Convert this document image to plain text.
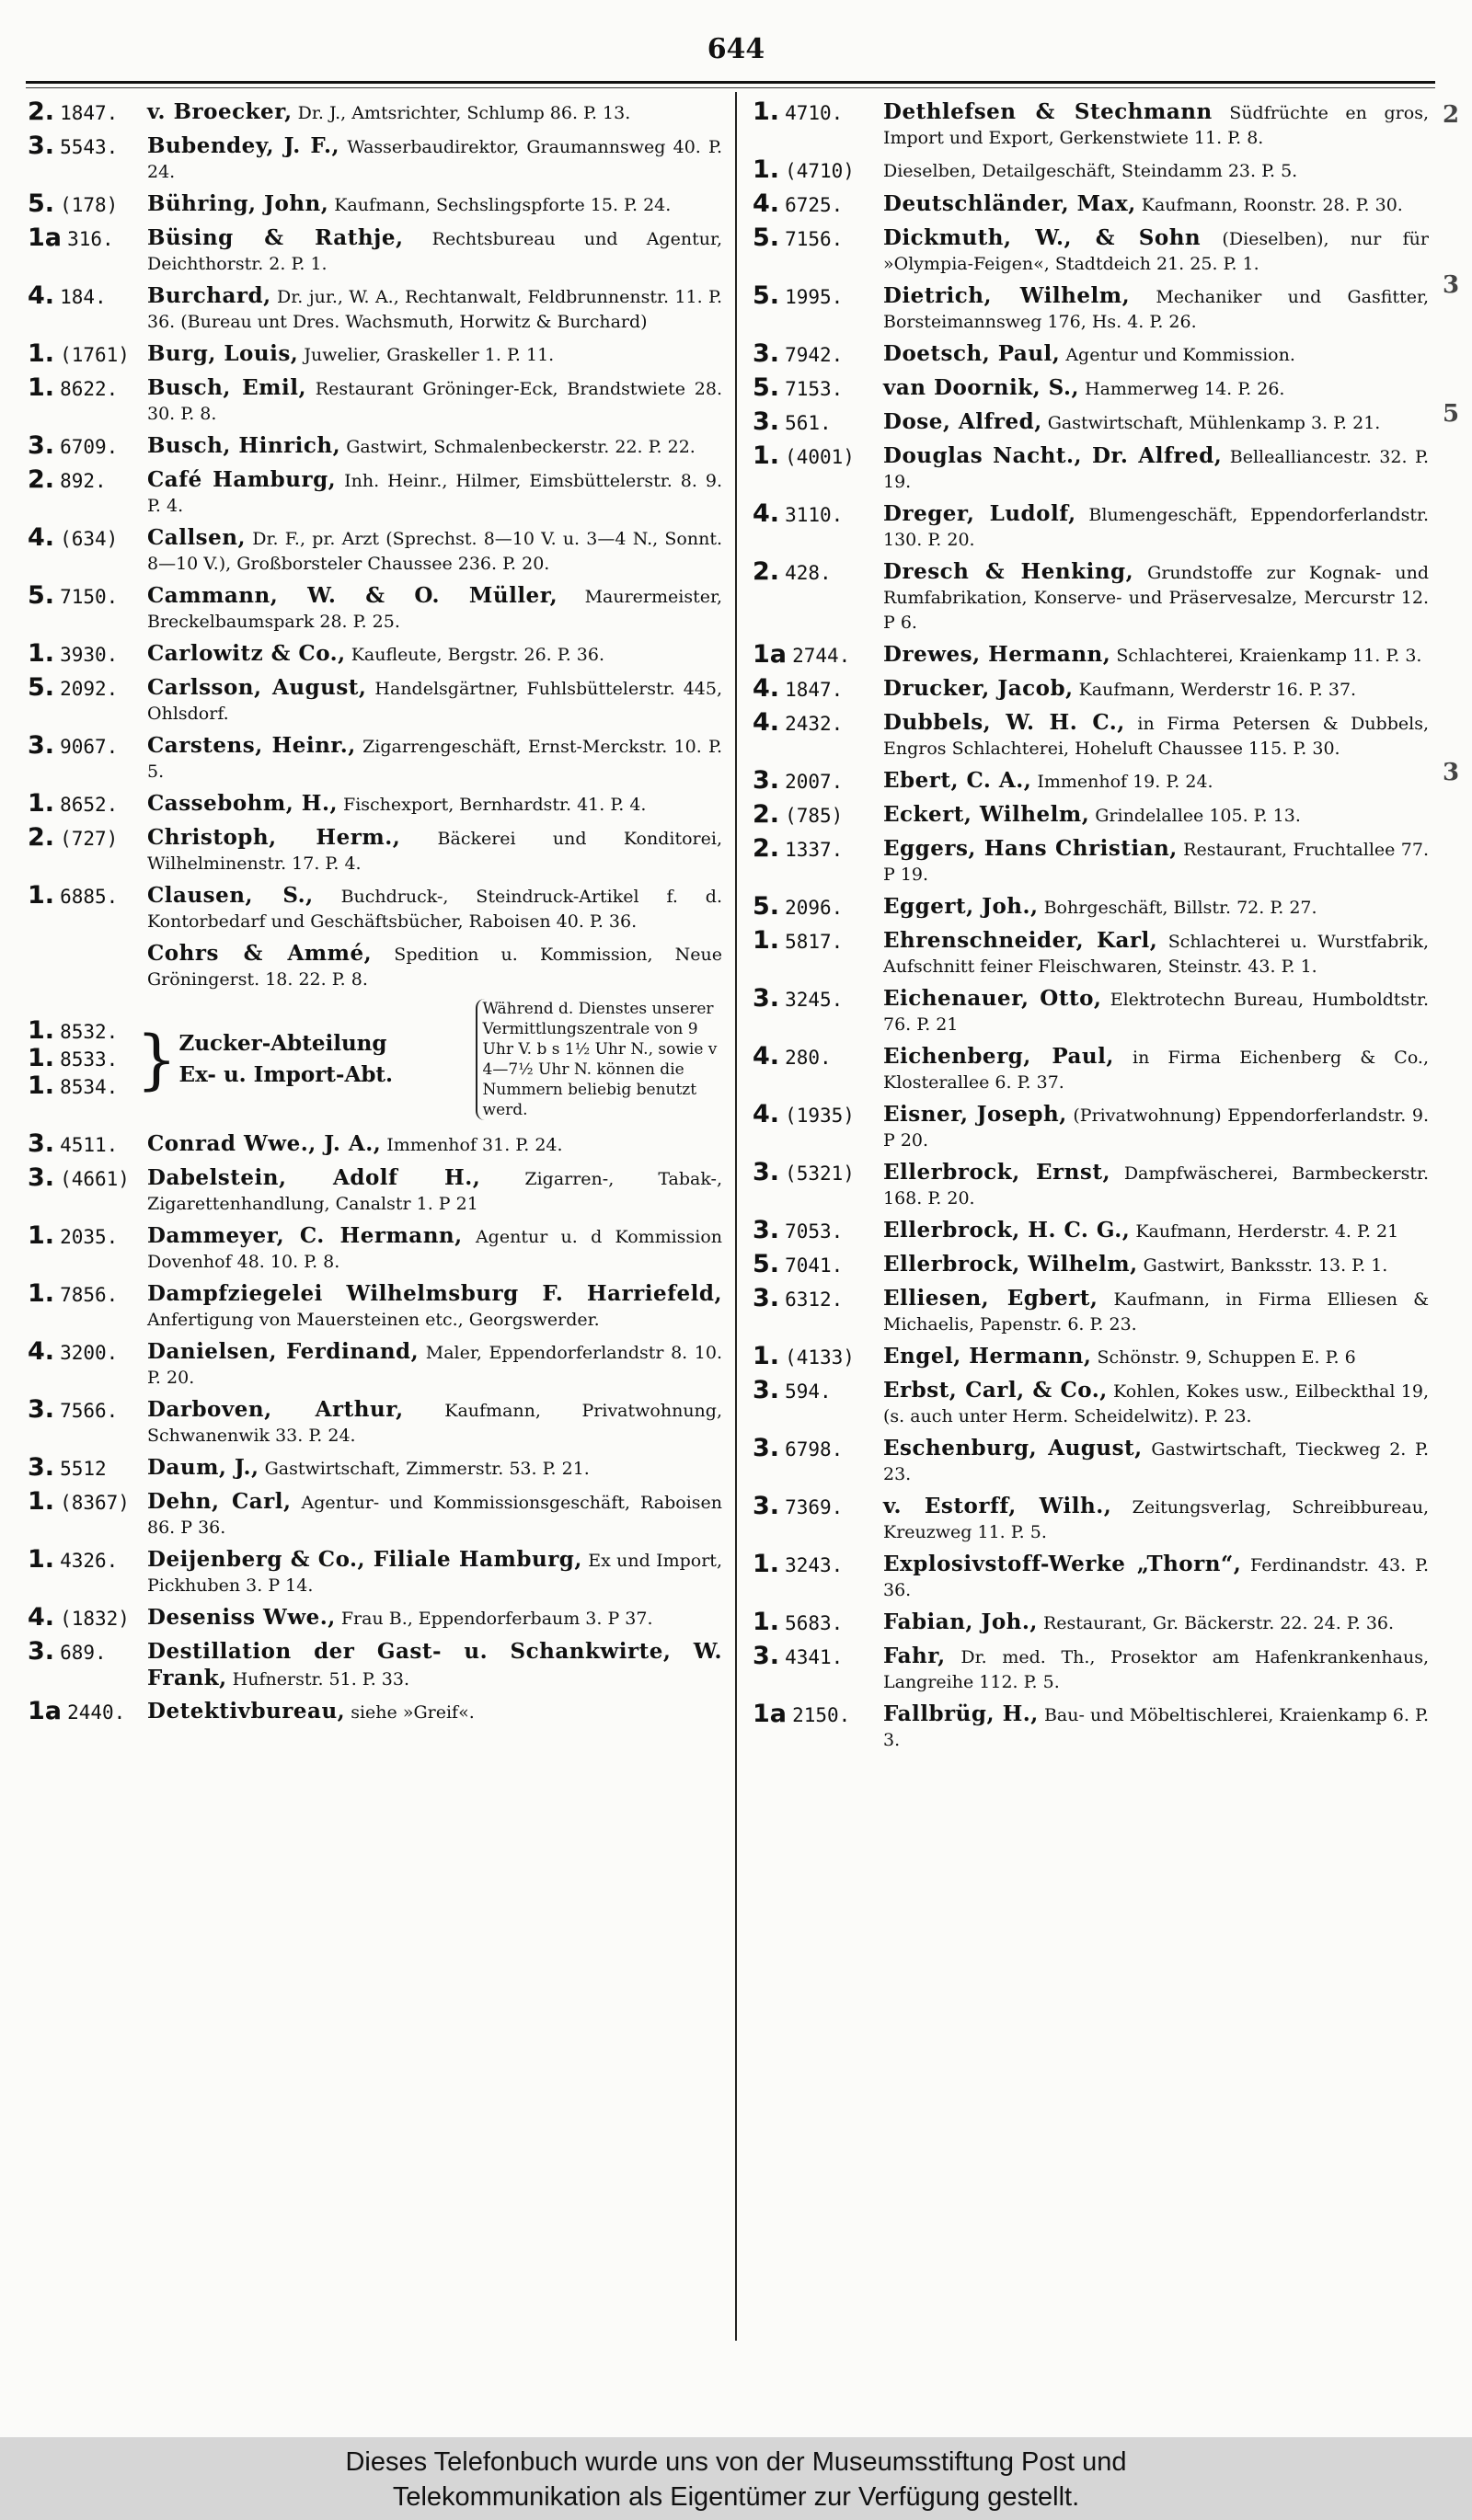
644
2
3
5
3
2. 1847.	v. Broecker, Dr. J., Amtsrichter, Schlump 86. P. 13.
3. 5543.	Bubendey, J. F., Wasserbaudirektor, Graumannsweg 40. P. 24.
5. (178)	Bühring, John, Kaufmann, Sechslingspforte 15. P. 24.
1a 316.	Büsing & Rathje, Rechtsbureau und Agentur, Deichthorstr. 2. P. 1.
4. 184.	Burchard, Dr. jur., W. A., Rechtanwalt, Feldbrunnenstr. 11. P. 36. (Bureau unt Dres. Wachsmuth, Horwitz & Burchard)
1. (1761) Burg, Louis, Juwelier, Graskeller 1. P. 11.
1. 8622.	Busch, Emil, Restaurant Gröninger-Eck, Brandstwiete 28. 30. P. 8.
3. 6709.	Busch, Hinrich, Gastwirt, Schmalenbeckerstr. 22. P. 22.
2. 892.	Café Hamburg, Inh. Heinr., Hilmer, Eimsbüttelerstr. 8. 9. P. 4.
4. (634)	Callsen, Dr. F., pr. Arzt (Sprechst. 8—10 V. u. 3—4 N., Sonnt. 8—10 V.), Großborsteler Chaussee 236. P. 20.
5. 7150.	Cammann, W. & O. Müller, Maurermeister, Breckelbaumspark 28. P. 25.
1. 3930.	Carlowitz & Co., Kaufleute, Bergstr. 26. P. 36.
5. 2092.	Carlsson, August, Handelsgärtner, Fuhlsbüttelerstr. 445, Ohlsdorf.
3. 9067.	Carstens, Heinr., Zigarrengeschäft, Ernst-Merckstr. 10. P. 5.
1. 8652.	Cassebohm, H., Fischexport, Bernhardstr. 41. P. 4.
2. (727)	Christoph, Herm., Bäckerei und Konditorei, Wilhelminenstr. 17. P. 4.
1. 6885.	Clausen, S., Buchdruck-, Steindruck-Artikel f. d. Kontorbedarf und Geschäftsbücher, Raboisen 40. P. 36.
Cohrs & Ammé, Spedition u. Kommission, Neue Gröningerst. 18. 22. P. 8.
1. 8532.
1. 8533.
1. 8534. } Zucker-Abteilung
Ex- u. Import-Abt.
Während d. Dienstes unserer Vermittlungszentrale von 9 Uhr V. b s 1½ Uhr N., sowie v 4—7½ Uhr N. können die Nummern beliebig benutzt werd.
3. 4511.	Conrad Wwe., J. A., Immenhof 31. P. 24.
3. (4661) Dabelstein, Adolf H.,	Zigarren-, Tabak-, Zigarettenhandlung, Canalstr 1. P 21
1. 2035.	Dammeyer, C. Hermann, Agentur u. d Kommission Dovenhof 48. 10. P. 8.
1. 7856.	Dampfziegelei Wilhelmsburg F. Harriefeld, Anfertigung von Mauersteinen etc., Georgswerder.
4. 3200.	Danielsen, Ferdinand, Maler, Eppendorferlandstr 8. 10. P. 20.
3. 7566.	Darboven, Arthur, Kaufmann, Privatwohnung, Schwanenwik 33. P. 24.
3. 5512	Daum, J., Gastwirtschaft, Zimmerstr. 53. P. 21.
1. (8367) Dehn, Carl, Agentur- und Kommissionsgeschäft, Raboisen 86. P 36.
1. 4326.	Deijenberg & Co., Filiale Hamburg, Ex und Import, Pickhuben 3. P 14.
4. (1832) Deseniss Wwe., Frau B., Eppendorferbaum 3. P 37.
3. 689.	Destillation der Gast- u. Schankwirte, W. Frank, Hufnerstr. 51. P. 33.
1a 2440.	Detektivbureau, siehe »Greif«.
1. 4710.	Dethlefsen & Stechmann Südfrüchte en gros, Import und Export, Gerkenstwiete 11. P. 8.
1. (4710)	Dieselben, Detailgeschäft, Steindamm 23. P. 5.
4. 6725.	Deutschländer, Max, Kaufmann, Roonstr. 28. P. 30.
5. 7156.	Dickmuth, W., & Sohn (Dieselben), nur für »Olympia-Feigen«, Stadtdeich 21. 25. P. 1.
5. 1995.	Dietrich, Wilhelm, Mechaniker und Gasfitter, Borsteimannsweg 176, Hs. 4. P. 26.
3. 7942.	Doetsch, Paul, Agentur und Kommission.
5. 7153.	van Doornik, S., Hammerweg 14. P. 26.
3. 561.	Dose, Alfred, Gastwirtschaft, Mühlenkamp 3. P. 21.
1. (4001)	Douglas Nacht., Dr. Alfred, Bellealliancestr. 32. P. 19.
4. 3110.	Dreger, Ludolf, Blumengeschäft, Eppendorferlandstr. 130. P. 20.
2. 428.	Dresch & Henking, Grundstoffe zur Kognak- und Rumfabrikation, Konserve- und Präservesalze, Mercurstr 12. P 6.
1a 2744.	Drewes, Hermann, Schlachterei, Kraienkamp 11. P. 3.
4. 1847.	Drucker, Jacob, Kaufmann, Werderstr 16. P. 37.
4. 2432.	Dubbels, W. H. C., in Firma Petersen & Dubbels, Engros Schlachterei, Hoheluft Chaussee 115. P. 30.
3. 2007.	Ebert, C. A., Immenhof 19. P. 24.
2. (785)	Eckert, Wilhelm, Grindelallee 105. P. 13.
2. 1337.	Eggers, Hans Christian, Restaurant, Fruchtallee 77. P 19.
5. 2096.	Eggert, Joh., Bohrgeschäft, Billstr. 72. P. 27.
1. 5817.	Ehrenschneider, Karl, Schlachterei u. Wurstfabrik, Aufschnitt feiner Fleischwaren, Steinstr. 43. P. 1.
3. 3245.	Eichenauer, Otto, Elektrotechn Bureau, Humboldtstr. 76. P. 21
4. 280.	Eichenberg, Paul, in Firma Eichenberg & Co., Klosterallee 6. P. 37.
4. (1935)	Eisner, Joseph, (Privatwohnung) Eppendorferlandstr. 9. P 20.
3. (5321)	Ellerbrock, Ernst, Dampfwäscherei, Barmbeckerstr. 168. P. 20.
3. 7053.	Ellerbrock, H. C. G., Kaufmann, Herderstr. 4. P. 21
5. 7041.	Ellerbrock, Wilhelm, Gastwirt, Banksstr. 13. P. 1.
3. 6312.	Elliesen, Egbert, Kaufmann, in Firma Elliesen & Michaelis, Papenstr. 6. P. 23.
1. (4133)	Engel, Hermann, Schönstr. 9, Schuppen E. P. 6
3. 594.	Erbst, Carl, & Co., Kohlen, Kokes usw., Eilbeckthal 19, (s. auch unter Herm. Scheidelwitz). P. 23.
3. 6798.	Eschenburg, August, Gastwirtschaft, Tieckweg 2. P. 23.
3. 7369.	v. Estorff, Wilh., Zeitungsverlag, Schreibbureau, Kreuzweg 11. P. 5.
1. 3243.	Explosivstoff-Werke „Thorn“, Ferdinandstr. 43. P. 36.
1. 5683.	Fabian, Joh., Restaurant, Gr. Bäckerstr. 22. 24. P. 36.
3. 4341.	Fahr, Dr. med. Th., Prosektor am Hafenkrankenhaus, Langreihe 112. P. 5.
1a 2150.	Fallbrüg, H., Bau- und Möbeltischlerei, Kraienkamp 6. P. 3.
Dieses Telefonbuch wurde uns von der Museumsstiftung Post und
Telekommunikation als Eigentümer zur Verfügung gestellt.
